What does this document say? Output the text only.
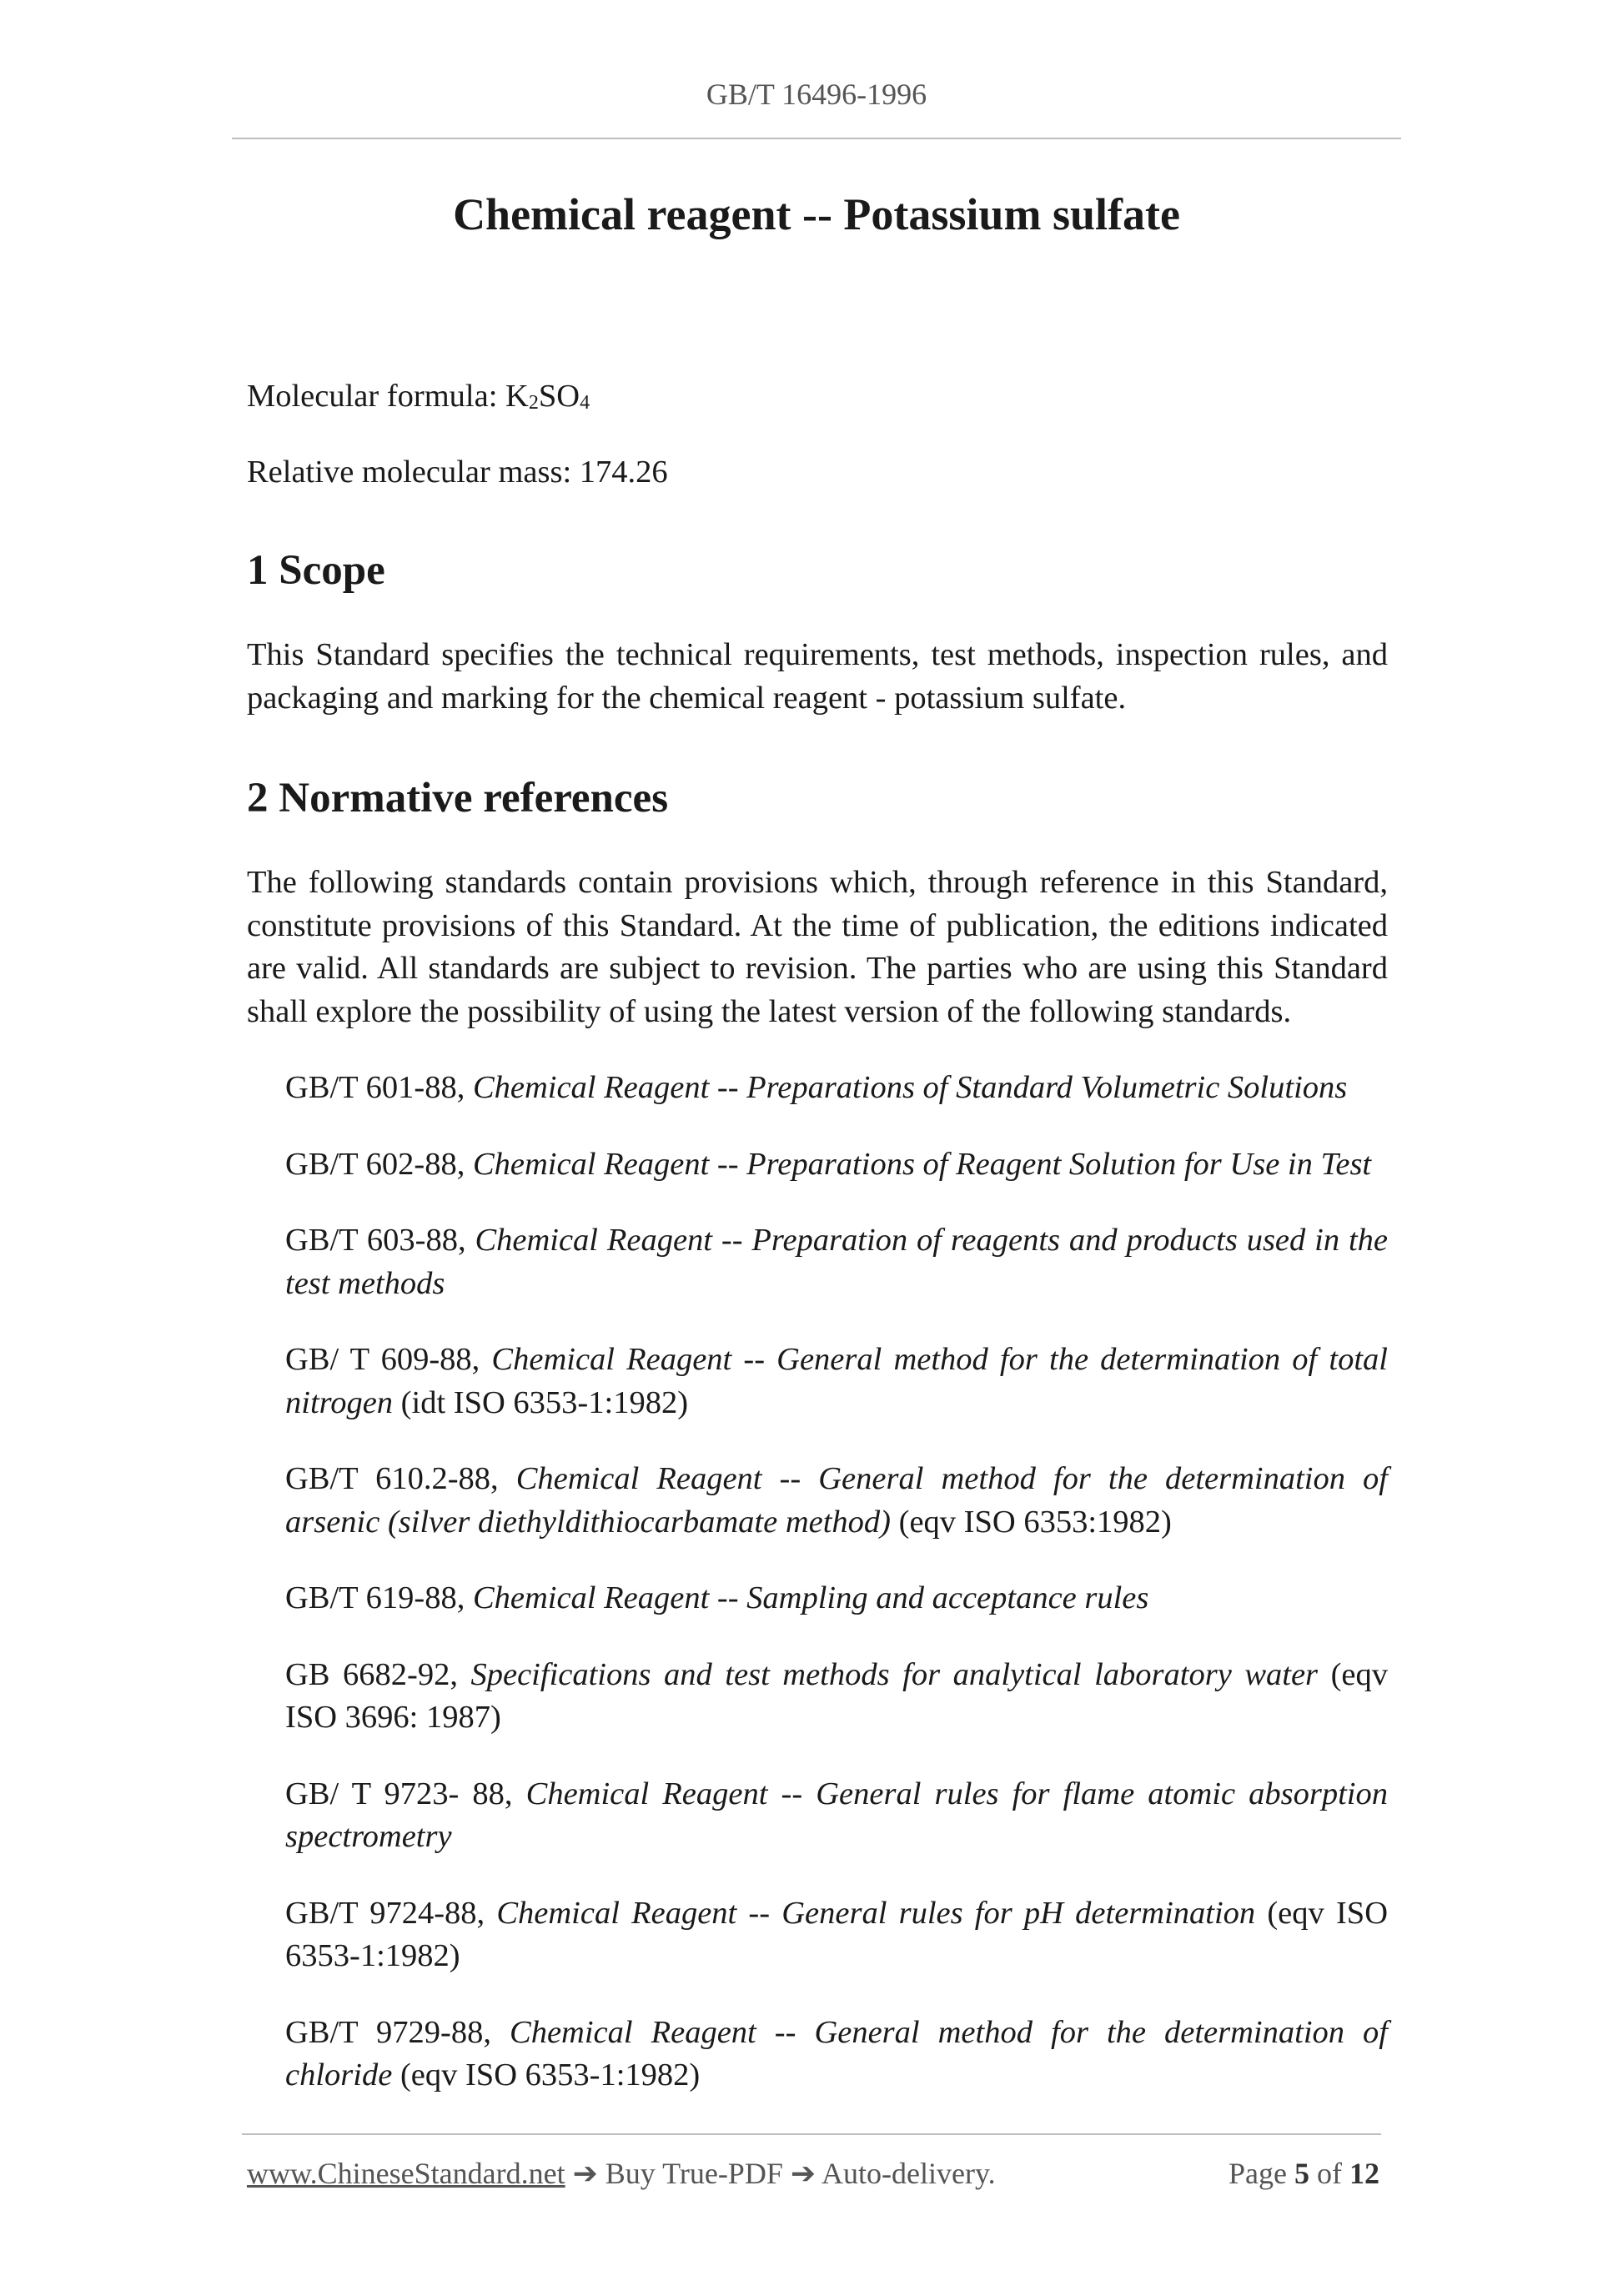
GB/T 16496-1996
Chemical reagent -- Potassium sulfate

Molecular formula: $K_2SO_4$

Relative molecular mass: 174.26

1 Scope

This Standard specifies the technical requirements, test methods, inspection rules, and packaging and marking for the chemical reagent - potassium sulfate.

2 Normative references

The following standards contain provisions which, through reference in this Standard, constitute provisions of this Standard. At the time of publication, the editions indicated are valid. All standards are subject to revision. The parties who are using this Standard shall explore the possibility of using the latest version of the following standards.

GB/T 601-88, Chemical Reagent -- Preparations of Standard Volumetric Solutions
GB/T 602-88, Chemical Reagent -- Preparations of Reagent Solution for Use in Test
GB/T 603-88, Chemical Reagent -- Preparation of reagents and products used in the test methods
GB/ T 609-88, Chemical Reagent -- General method for the determination of total nitrogen (idt ISO 6353-1:1982)
GB/T 610.2-88, Chemical Reagent -- General method for the determination of arsenic (silver diethyldithiocarbamate method) (eqv ISO 6353:1982)
GB/T 619-88, Chemical Reagent -- Sampling and acceptance rules
GB 6682-92, Specifications and test methods for analytical laboratory water (eqv ISO 3696: 1987)
GB/ T 9723- 88, Chemical Reagent -- General rules for flame atomic absorption spectrometry
GB/T 9724-88, Chemical Reagent -- General rules for pH determination (eqv ISO 6353-1:1982)
GB/T 9729-88, Chemical Reagent -- General method for the determination of chloride (eqv ISO 6353-1:1982)
www.ChineseStandard.net ➔ Buy True-PDF ➔ Auto-delivery.	Page 5 of 12
